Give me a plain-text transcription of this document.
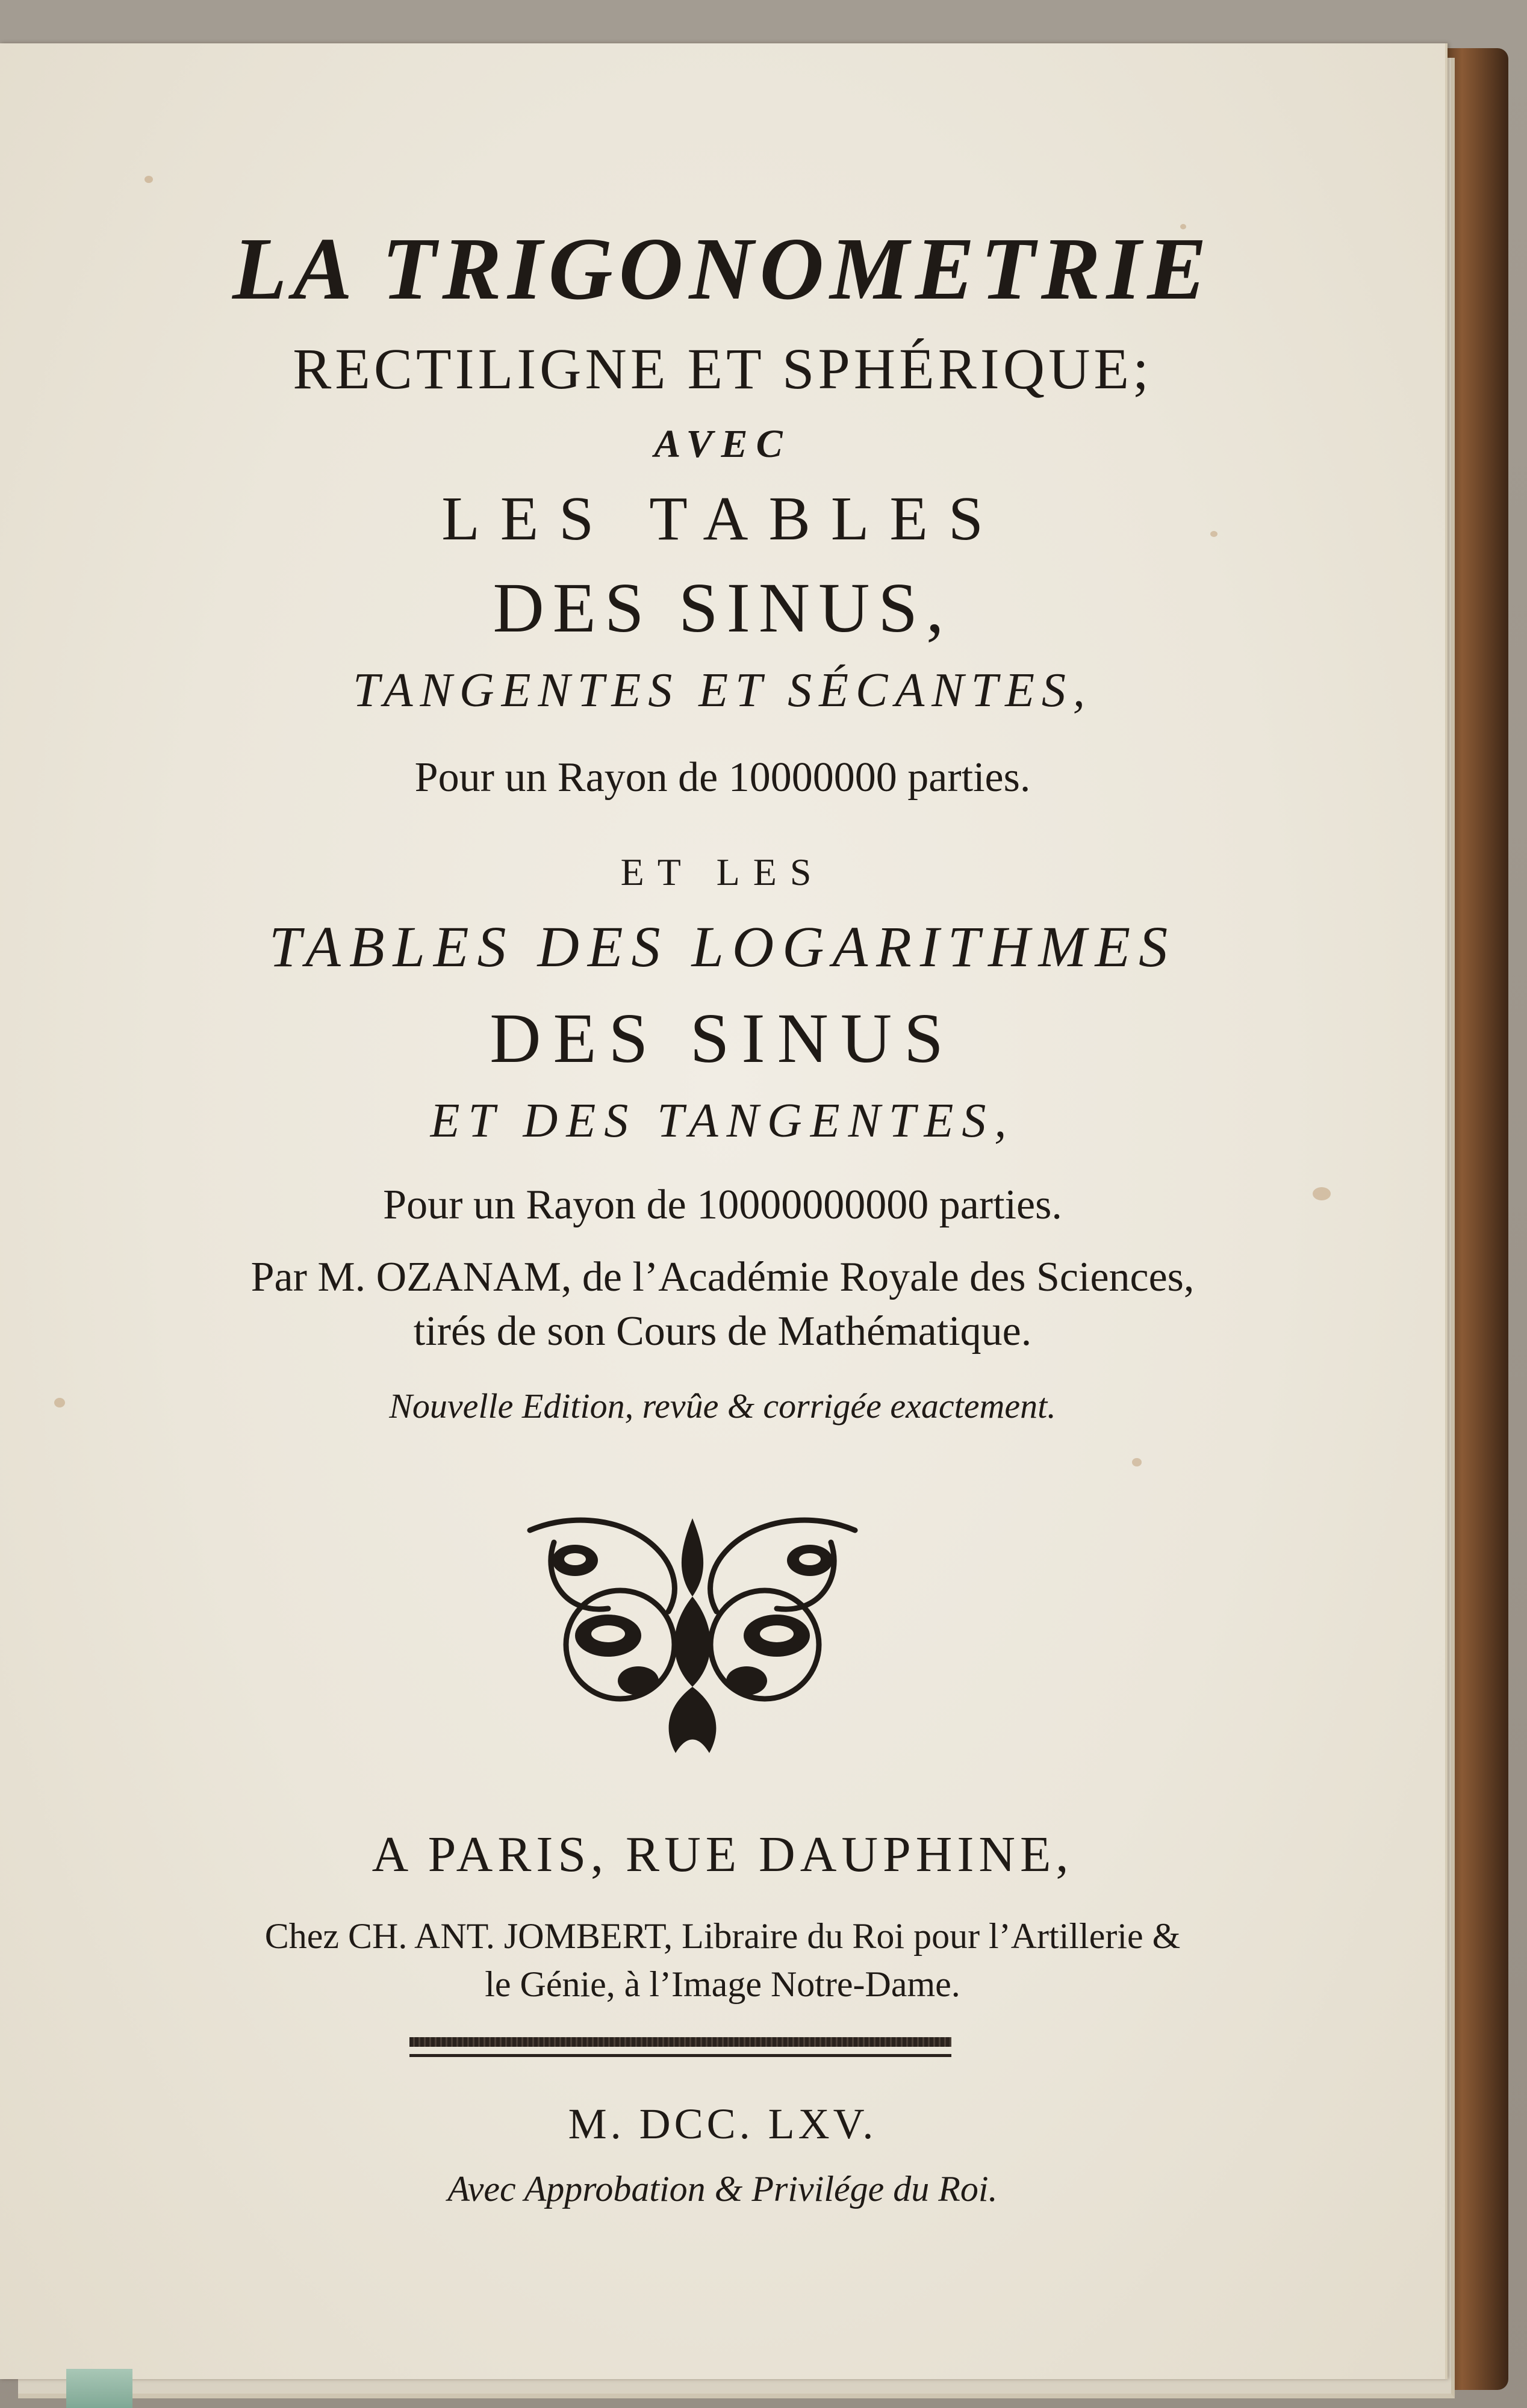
LA TRIGONOMETRIE
RECTILIGNE ET SPHÉRIQUE;
AVEC
LES TABLES
DES SINUS,
TANGENTES ET SÉCANTES,
Pour un Rayon de 10000000 parties.
ET LES
TABLES DES LOGARITHMES
DES SINUS
ET DES TANGENTES,
Pour un Rayon de 10000000000 parties.
Par M. OZANAM, de l’Académie Royale des Sciences,
tirés de son Cours de Mathématique.
Nouvelle Edition, revûe & corrigée exactement.
A PARIS, RUE DAUPHINE,
Chez CH. ANT. JOMBERT, Libraire du Roi pour l’Artillerie &
le Génie, à l’Image Notre-Dame.
M. DCC. LXV.
Avec Approbation & Privilége du Roi.
